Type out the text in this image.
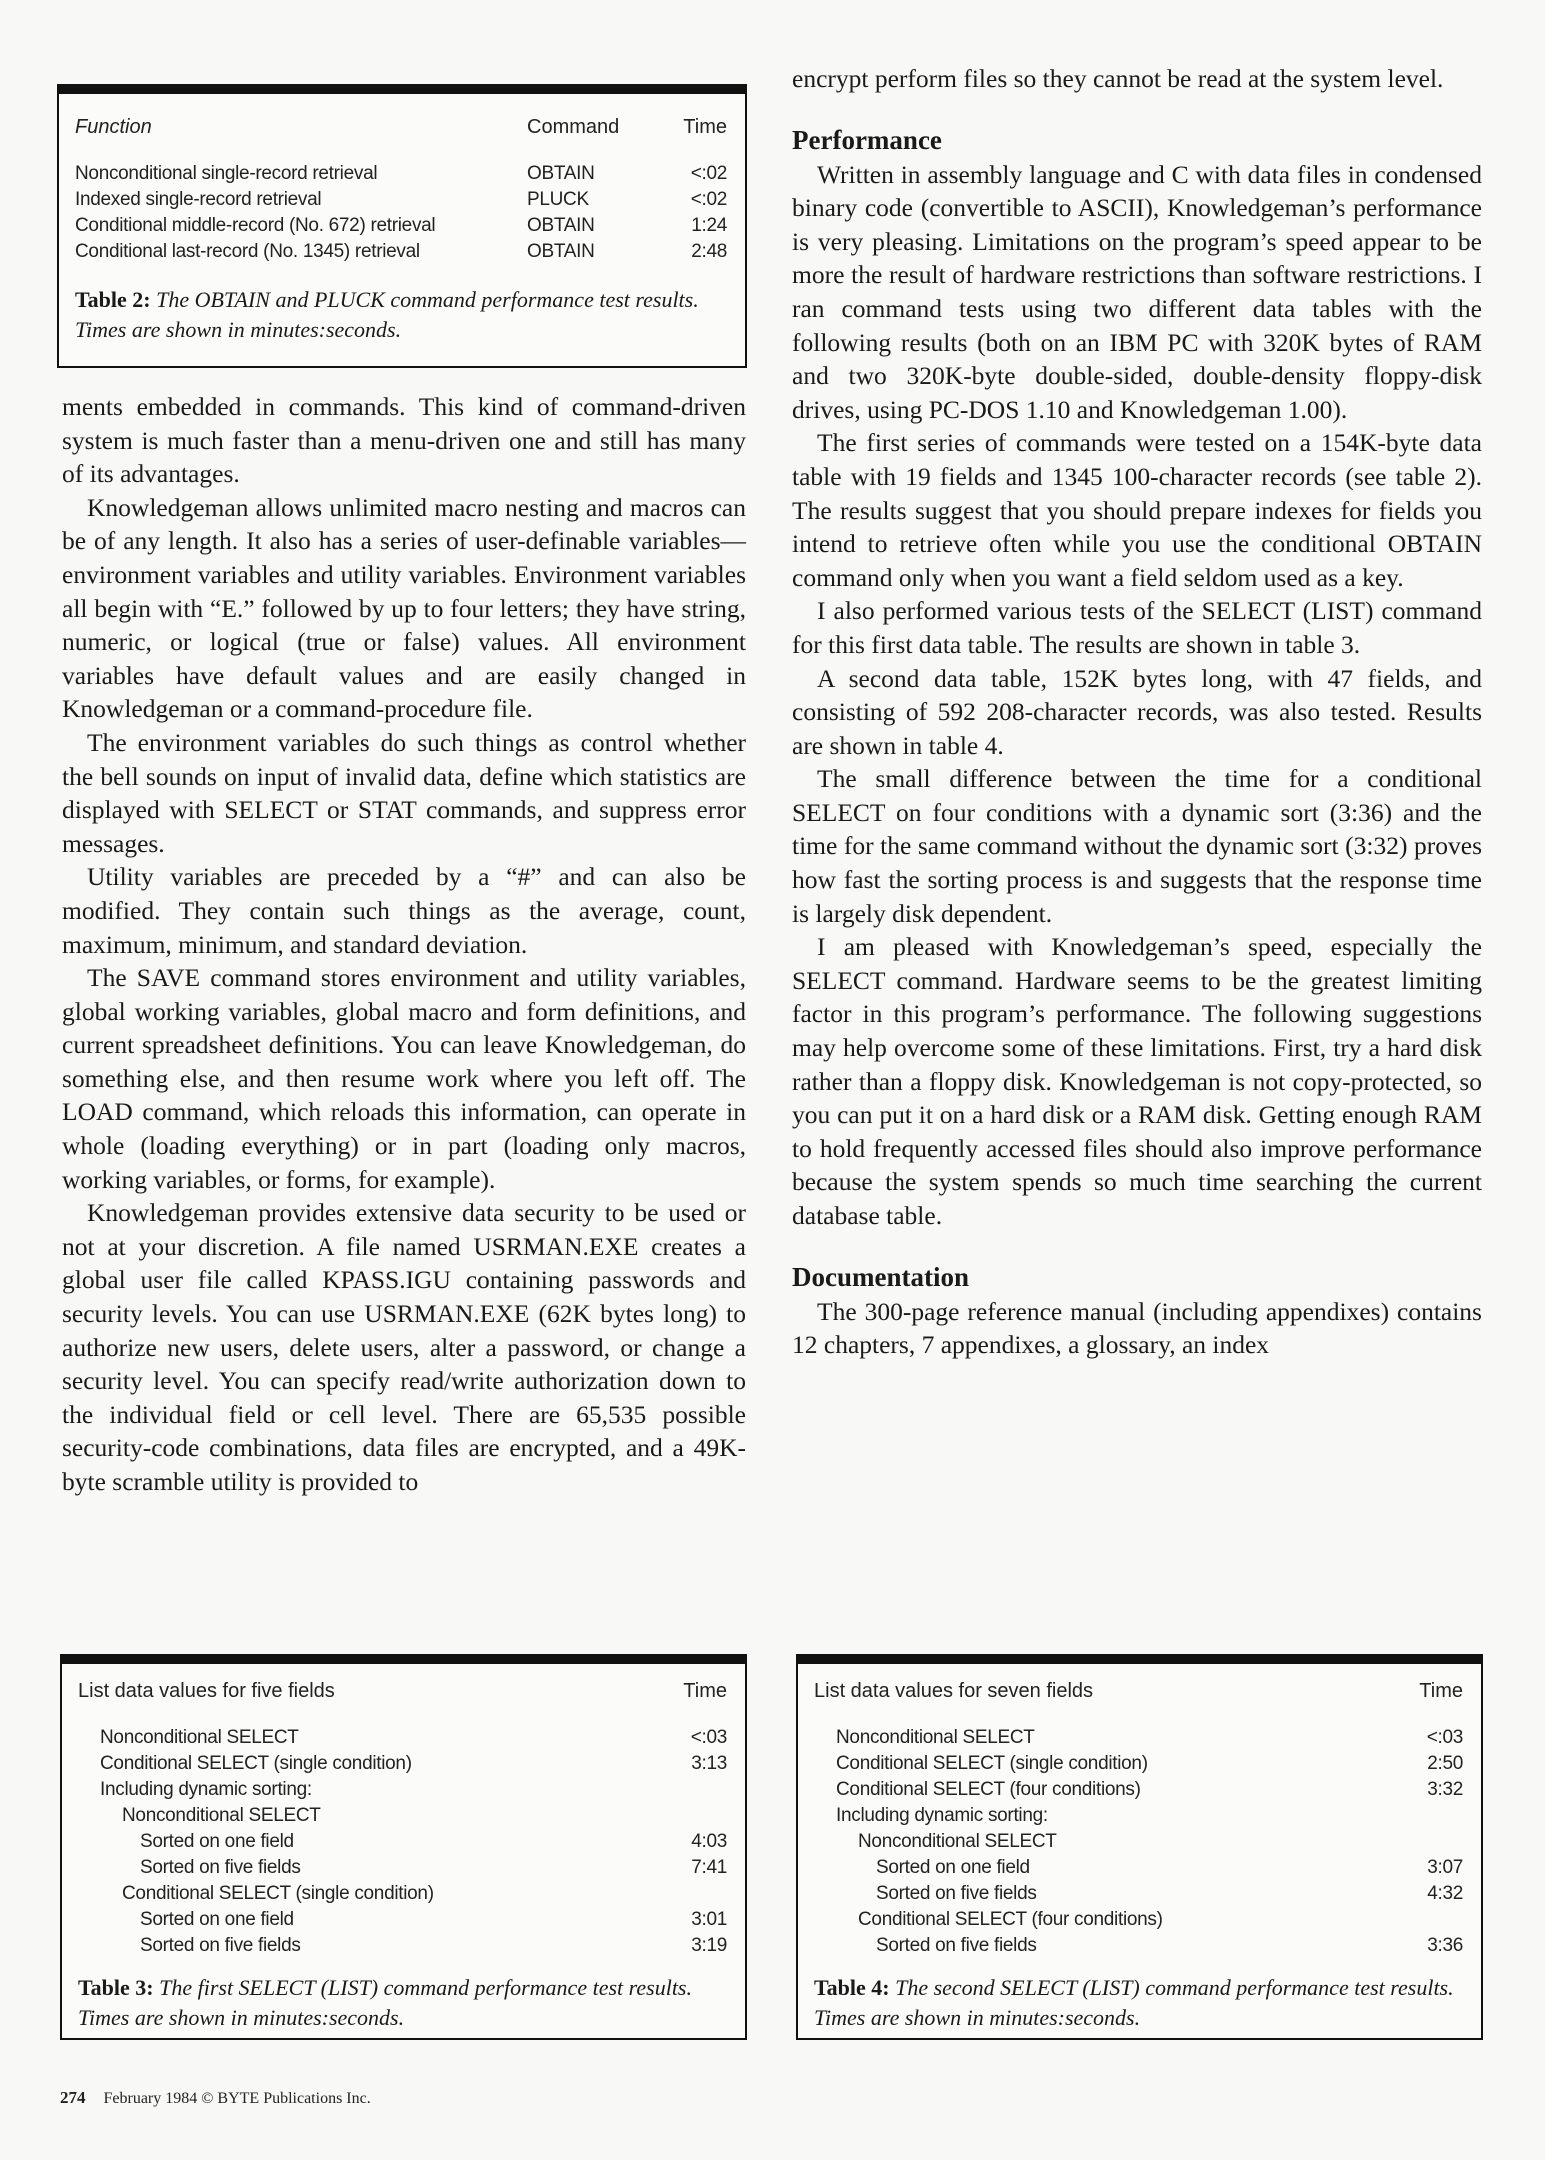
Function	Command	Time
Nonconditional single-record retrieval	OBTAIN	<:02
Indexed single-record retrieval	PLUCK	<:02
Conditional middle-record (No. 672) retrieval	OBTAIN	1:24
Conditional last-record (No. 1345) retrieval	OBTAIN	2:48
Table 2: The OBTAIN and PLUCK command performance test results. Times are shown in minutes:seconds.

ments embedded in commands. This kind of command-driven system is much faster than a menu-driven one and still has many of its advantages.

Knowledgeman allows unlimited macro nesting and macros can be of any length. It also has a series of user-definable variables—environment variables and utility variables. Environment variables all begin with “E.” followed by up to four letters; they have string, numeric, or logical (true or false) values. All environment variables have default values and are easily changed in Knowledgeman or a command-procedure file.

The environment variables do such things as control whether the bell sounds on input of invalid data, define which statistics are displayed with SELECT or STAT commands, and suppress error messages.

Utility variables are preceded by a “#” and can also be modified. They contain such things as the average, count, maximum, minimum, and standard deviation.

The SAVE command stores environment and utility variables, global working variables, global macro and form definitions, and current spreadsheet definitions. You can leave Knowledgeman, do something else, and then resume work where you left off. The LOAD command, which reloads this information, can operate in whole (loading everything) or in part (loading only macros, working variables, or forms, for example).

Knowledgeman provides extensive data security to be used or not at your discretion. A file named USRMAN.EXE creates a global user file called KPASS.IGU containing passwords and security levels. You can use USRMAN.EXE (62K bytes long) to authorize new users, delete users, alter a password, or change a security level. You can specify read/write authorization down to the individual field or cell level. There are 65,535 possible security-code combinations, data files are encrypted, and a 49K-byte scramble utility is provided to

encrypt perform files so they cannot be read at the system level.

Performance

Written in assembly language and C with data files in condensed binary code (convertible to ASCII), Knowledgeman’s performance is very pleasing. Limitations on the program’s speed appear to be more the result of hardware restrictions than software restrictions. I ran command tests using two different data tables with the following results (both on an IBM PC with 320K bytes of RAM and two 320K-byte double-sided, double-density floppy-disk drives, using PC-DOS 1.10 and Knowledgeman 1.00).

The first series of commands were tested on a 154K-byte data table with 19 fields and 1345 100-character records (see table 2). The results suggest that you should prepare indexes for fields you intend to retrieve often while you use the conditional OBTAIN command only when you want a field seldom used as a key.

I also performed various tests of the SELECT (LIST) command for this first data table. The results are shown in table 3.

A second data table, 152K bytes long, with 47 fields, and consisting of 592 208-character records, was also tested. Results are shown in table 4.

The small difference between the time for a conditional SELECT on four conditions with a dynamic sort (3:36) and the time for the same command without the dynamic sort (3:32) proves how fast the sorting process is and suggests that the response time is largely disk dependent.

I am pleased with Knowledgeman’s speed, especially the SELECT command. Hardware seems to be the greatest limiting factor in this program’s performance. The following suggestions may help overcome some of these limitations. First, try a hard disk rather than a floppy disk. Knowledgeman is not copy-protected, so you can put it on a hard disk or a RAM disk. Getting enough RAM to hold frequently accessed files should also improve performance because the system spends so much time searching the current database table.

Documentation

The 300-page reference manual (including appendixes) contains 12 chapters, 7 appendixes, a glossary, an index

List data values for five fields	Time
Nonconditional SELECT	<:03
Conditional SELECT (single condition)	3:13
Including dynamic sorting:
Nonconditional SELECT
Sorted on one field	4:03
Sorted on five fields	7:41
Conditional SELECT (single condition)
Sorted on one field	3:01
Sorted on five fields	3:19
Table 3: The first SELECT (LIST) command performance test results. Times are shown in minutes:seconds.
List data values for seven fields	Time
Nonconditional SELECT	<:03
Conditional SELECT (single condition)	2:50
Conditional SELECT (four conditions)	3:32
Including dynamic sorting:
Nonconditional SELECT
Sorted on one field	3:07
Sorted on five fields	4:32
Conditional SELECT (four conditions)
Sorted on five fields	3:36
Table 4: The second SELECT (LIST) command performance test results. Times are shown in minutes:seconds.
274 February 1984 © BYTE Publications Inc.
